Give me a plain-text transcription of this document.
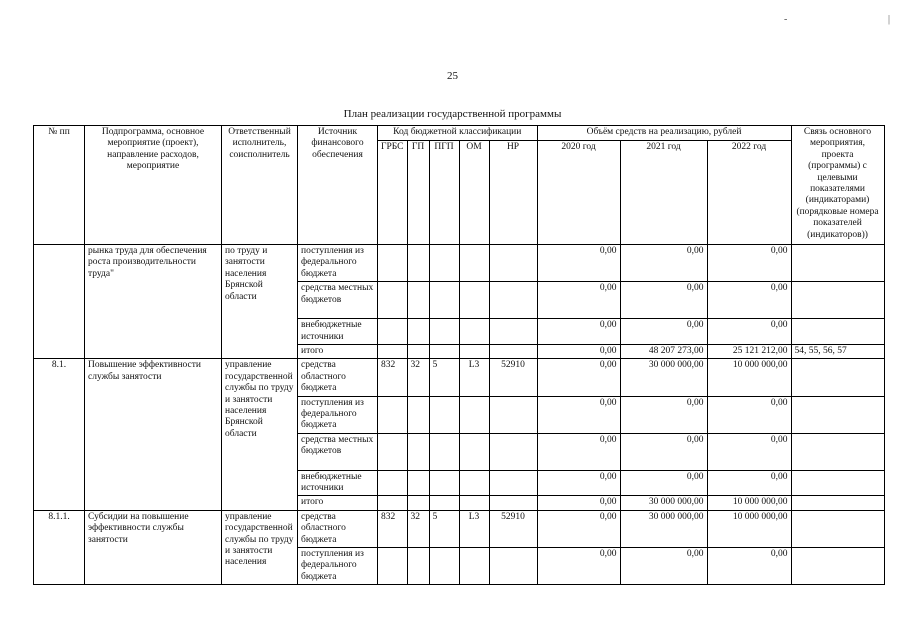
-	|
25
План реализации государственной программы
№ пп	Подпрограмма, основное мероприятие (проект), направление расходов, мероприятие	Ответственный исполнитель, соисполнитель	Источник финансового обеспечения	Код бюджетной классификации					Объём средств на реализацию, рублей			Связь основного мероприятия, проекта (программы) с целевыми показателями (индикаторами) (порядковые номера показателей (индикаторов))
				ГРБС	ГП	ПГП	ОМ	НР	2020 год	2021 год	2022 год	
	рынка труда для обеспечения роста производительности труда"	по труду и занятости населения Брянской области	поступления из федерального бюджета						0,00	0,00	0,00	
			средства местных бюджетов						0,00	0,00	0,00	
			внебюджетные источники						0,00	0,00	0,00	
			итого						0,00	48 207 273,00	25 121 212,00	54, 55, 56, 57
8.1.	Повышение эффективности службы занятости	управление государственной службы по труду и занятости населения Брянской области	средства областного бюджета	832	32	5	L3	52910	0,00	30 000 000,00	10 000 000,00	
			поступления из федерального бюджета						0,00	0,00	0,00	
			средства местных бюджетов						0,00	0,00	0,00	
			внебюджетные источники						0,00	0,00	0,00	
			итого						0,00	30 000 000,00	10 000 000,00	
8.1.1.	Субсидии на повышение эффективности службы занятости	управление государственной службы по труду и занятости населения	средства областного бюджета	832	32	5	L3	52910	0,00	30 000 000,00	10 000 000,00	
			поступления из федерального бюджета						0,00	0,00	0,00	
